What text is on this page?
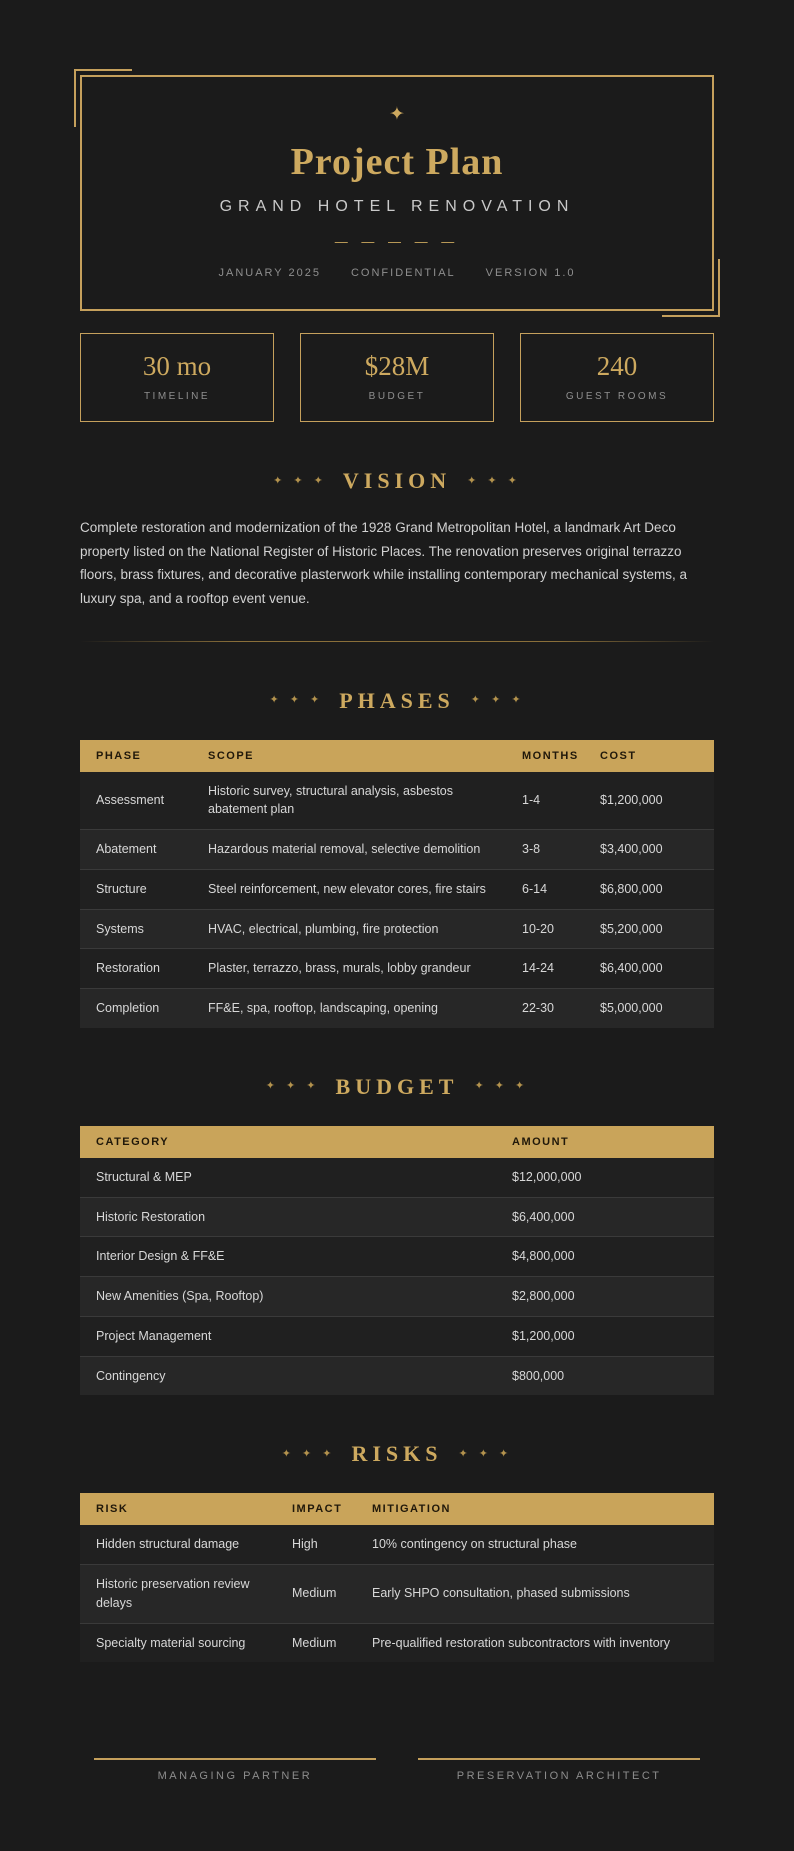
✦
Project Plan
GRAND HOTEL RENOVATION
— — — — —
JANUARY 2025	CONFIDENTIAL	VERSION 1.0
30 mo
TIMELINE
$28M
BUDGET
240
GUEST ROOMS
✦ ✦ ✦ VISION ✦ ✦ ✦

Complete restoration and modernization of the 1928 Grand Metropolitan Hotel, a landmark Art Deco property listed on the National Register of Historic Places. The renovation preserves original terrazzo floors, brass fixtures, and decorative plasterwork while installing contemporary mechanical systems, a luxury spa, and a rooftop event venue.

✦ ✦ ✦ PHASES ✦ ✦ ✦
PHASE	SCOPE	MONTHS	COST
Assessment	Historic survey, structural analysis, asbestos abatement plan	1-4	$1,200,000
Abatement	Hazardous material removal, selective demolition	3-8	$3,400,000
Structure	Steel reinforcement, new elevator cores, fire stairs	6-14	$6,800,000
Systems	HVAC, electrical, plumbing, fire protection	10-20	$5,200,000
Restoration	Plaster, terrazzo, brass, murals, lobby grandeur	14-24	$6,400,000
Completion	FF&E, spa, rooftop, landscaping, opening	22-30	$5,000,000
✦ ✦ ✦ BUDGET ✦ ✦ ✦
CATEGORY	AMOUNT
Structural & MEP	$12,000,000
Historic Restoration	$6,400,000
Interior Design & FF&E	$4,800,000
New Amenities (Spa, Rooftop)	$2,800,000
Project Management	$1,200,000
Contingency	$800,000
✦ ✦ ✦ RISKS ✦ ✦ ✦
RISK	IMPACT	MITIGATION
Hidden structural damage	High	10% contingency on structural phase
Historic preservation review delays	Medium	Early SHPO consultation, phased submissions
Specialty material sourcing	Medium	Pre-qualified restoration subcontractors with inventory
MANAGING PARTNER	PRESERVATION ARCHITECT
